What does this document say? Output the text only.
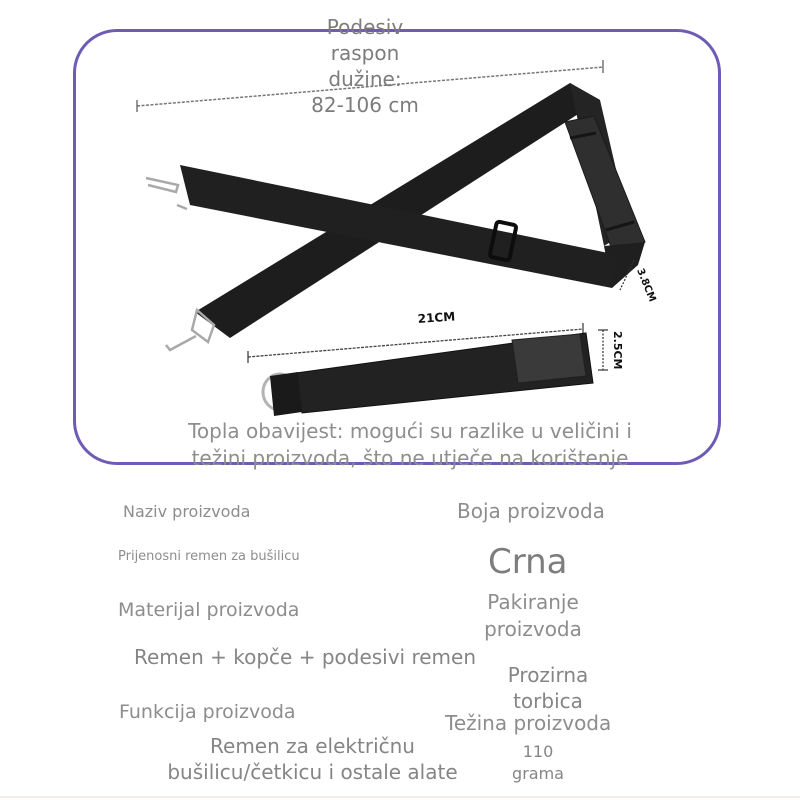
3.8CM
21CM
2.5CM
Podesiv
raspon
dužine:
82-106 cm
Topla obavijest: mogući su razlike u veličini i
težini proizvoda, što ne utječe na korištenje
Naziv proizvoda
Prijenosni remen za bušilicu
Materijal proizvoda
Remen + kopče + podesivi remen
Funkcija proizvoda
Remen za električnu
bušilicu/četkicu i ostale alate
Boja proizvoda
Crna
Pakiranje
proizvoda
Prozirna
torbica
Težina proizvoda
110
grama
